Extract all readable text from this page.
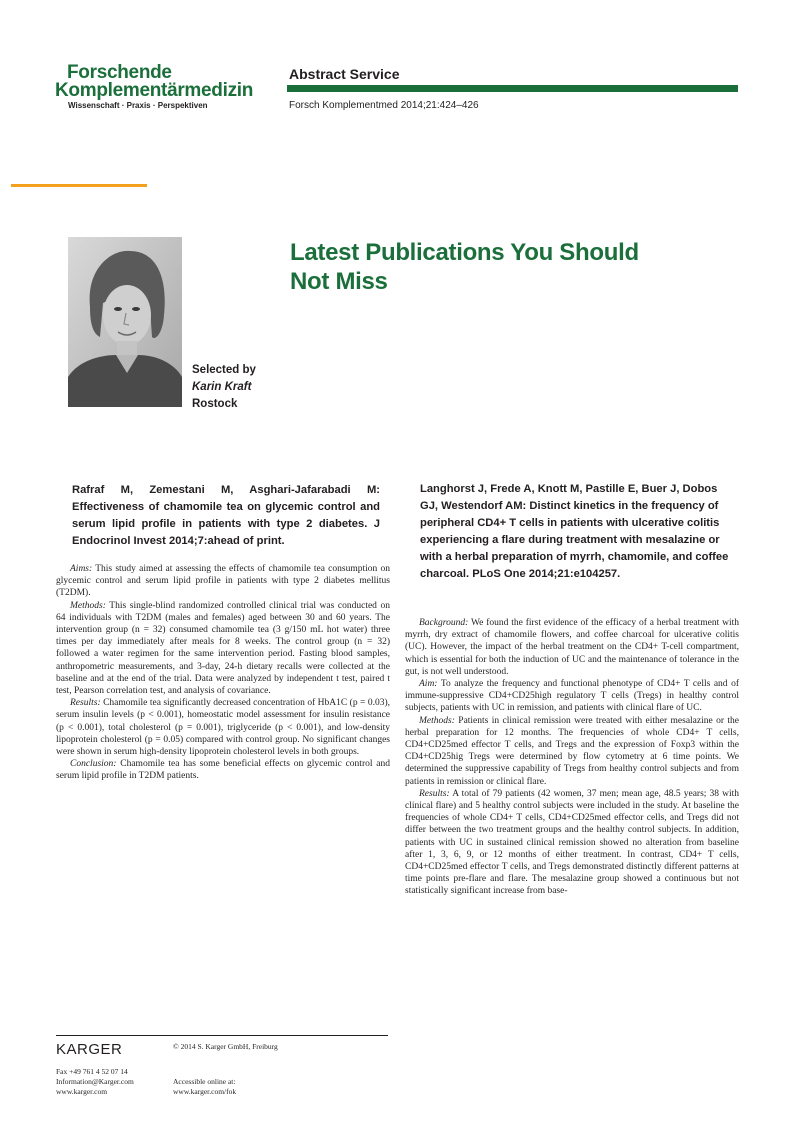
Forschende
Komplementärmedizin
Wissenschaft · Praxis · Perspektiven
Abstract Service
Forsch Komplementmed 2014;21:424–426
Latest Publications You Should
Not Miss
Selected by
Karin Kraft
Rostock
Rafraf M, Zemestani M, Asghari-Jafarabadi M: Effectiveness of chamomile tea on glycemic control and serum lipid profile in patients with type 2 diabetes. J Endocrinol Invest 2014;7:ahead of print.

Aims: This study aimed at assessing the effects of chamomile tea consumption on glycemic control and serum lipid profile in patients with type 2 diabetes mellitus (T2DM).

Methods: This single-blind randomized controlled clinical trial was conducted on 64 individuals with T2DM (males and females) aged between 30 and 60 years. The intervention group (n = 32) consumed chamomile tea (3 g/150 mL hot water) three times per day immediately after meals for 8 weeks. The control group (n = 32) followed a water regimen for the same intervention period. Fasting blood samples, anthropometric measurements, and 3-day, 24-h dietary recalls were collected at the baseline and at the end of the trial. Data were analyzed by independent t test, paired t test, Pearson correlation test, and analysis of covariance.

Results: Chamomile tea significantly decreased concentration of HbA1C (p = 0.03), serum insulin levels (p < 0.001), homeostatic model assessment for insulin resistance (p < 0.001), total cholesterol (p = 0.001), triglyceride (p < 0.001), and low-density lipoprotein cholesterol (p = 0.05) compared with control group. No significant changes were shown in serum high-density lipoprotein cholesterol levels in both groups.

Conclusion: Chamomile tea has some beneficial effects on glycemic control and serum lipid profile in T2DM patients.

Langhorst J, Frede A, Knott M, Pastille E, Buer J, Dobos GJ, Westendorf AM: Distinct kinetics in the frequency of peripheral CD4+ T cells in patients with ulcerative colitis experiencing a flare during treatment with mesalazine or with a herbal preparation of myrrh, chamomile, and coffee charcoal. PLoS One 2014;21:e104257.

Background: We found the first evidence of the efficacy of a herbal treatment with myrrh, dry extract of chamomile flowers, and coffee charcoal for ulcerative colitis (UC). However, the impact of the herbal treatment on the CD4+ T-cell compartment, which is essential for both the induction of UC and the maintenance of tolerance in the gut, is not well understood.

Aim: To analyze the frequency and functional phenotype of CD4+ T cells and of immune-suppressive CD4+CD25high regulatory T cells (Tregs) in healthy control subjects, patients with UC in remission, and patients with clinical flare of UC.

Methods: Patients in clinical remission were treated with either mesalazine or the herbal preparation for 12 months. The frequencies of whole CD4+ T cells, CD4+CD25med effector T cells, and Tregs and the expression of Foxp3 within the CD4+CD25hig Tregs were determined by flow cytometry at 6 time points. We determined the suppressive capability of Tregs from healthy control subjects and from patients in remission or clinical flare.

Results: A total of 79 patients (42 women, 37 men; mean age, 48.5 years; 38 with clinical flare) and 5 healthy control subjects were included in the study. At baseline the frequencies of whole CD4+ T cells, CD4+CD25med effector cells, and Tregs did not differ between the two treatment groups and the healthy control subjects. In addition, patients with UC in sustained clinical remission showed no alteration from baseline after 1, 3, 6, 9, or 12 months of either treatment. In contrast, CD4+ T cells, CD4+CD25med effector T cells, and Tregs demonstrated distinctly different patterns at time points pre-flare and flare. The mesalazine group showed a continuous but not statistically significant increase from base-

KARGER	© 2014 S. Karger GmbH, Freiburg
Fax +49 761 4 52 07 14
Information@Karger.com
www.karger.com
Accessible online at:
www.karger.com/fok
